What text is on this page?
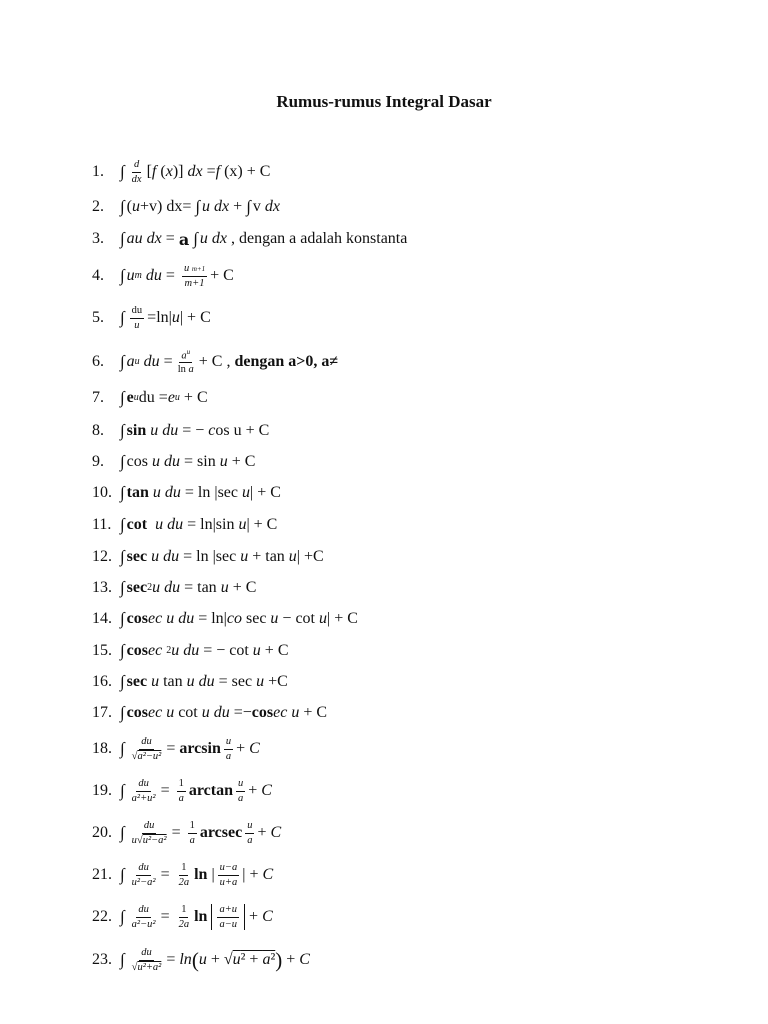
Rumus-rumus Integral Dasar
1. ∫ $\frac{d}{dx}$ [ f ( x )] dx = f (x) + C
2. ∫ ( u +v) dx= ∫ u dx + ∫ v dx
3. ∫ au dx = a
∫ u dx , dengan a adalah konstanta
4. ∫ u m
du = $\frac{\text{u m+1}}{m+1} + C$
5. ∫ $\frac{du}{u} =\ln|$ u | + C
6. ∫ a u
du = $\frac{a^u}{\text{ln a}} + C$ , dengan a>0, a≠
7. ∫ e u du = e u + C
8. ∫ sin
u du = − c os u + C
9. ∫ cos u du = sin u + C
10. ∫ tan
u du = ln |sec u | + C
11. ∫ cot
u du = ln|sin u | + C
12. ∫ sec
u du = ln |sec u + tan u | +C
13. ∫ sec 2 u du = tan u + C
14. ∫ cos ec u du = ln| co sec u − cot u | + C
15. ∫ cos ec
2 u du = − cot u + C
16. ∫ sec
u tan u du = sec u +C
17. ∫ cos ec u cot u du =− cos ec u + C
18. ∫ $\frac{du}{\text{√a²−u²}} = \arcsin \frac{u}{a} + C$
19. ∫ $\frac{du}{\text{a²+u²}} = \frac{1}{a}$ $\arctan \frac{u}{a} + C$
20. ∫ $\frac{du}{\text{u√u²−a²}} = \frac{1}{a}$ arcsec $\frac{u}{a} + C$
21. ∫ $\frac{du}{\text{u²−a²}} = \frac{1}{2a}$ ln | $\frac{u-a}{u+a}$ | + C
22. ∫ $\frac{du}{\text{a²−u²}} = \frac{1}{2a}$ ln
$\frac{a+u}{a-u} + C$
23. ∫ $\frac{du}{\text{√u²+a²}} = \ln$ ( u + √ u² + a² ) + C
